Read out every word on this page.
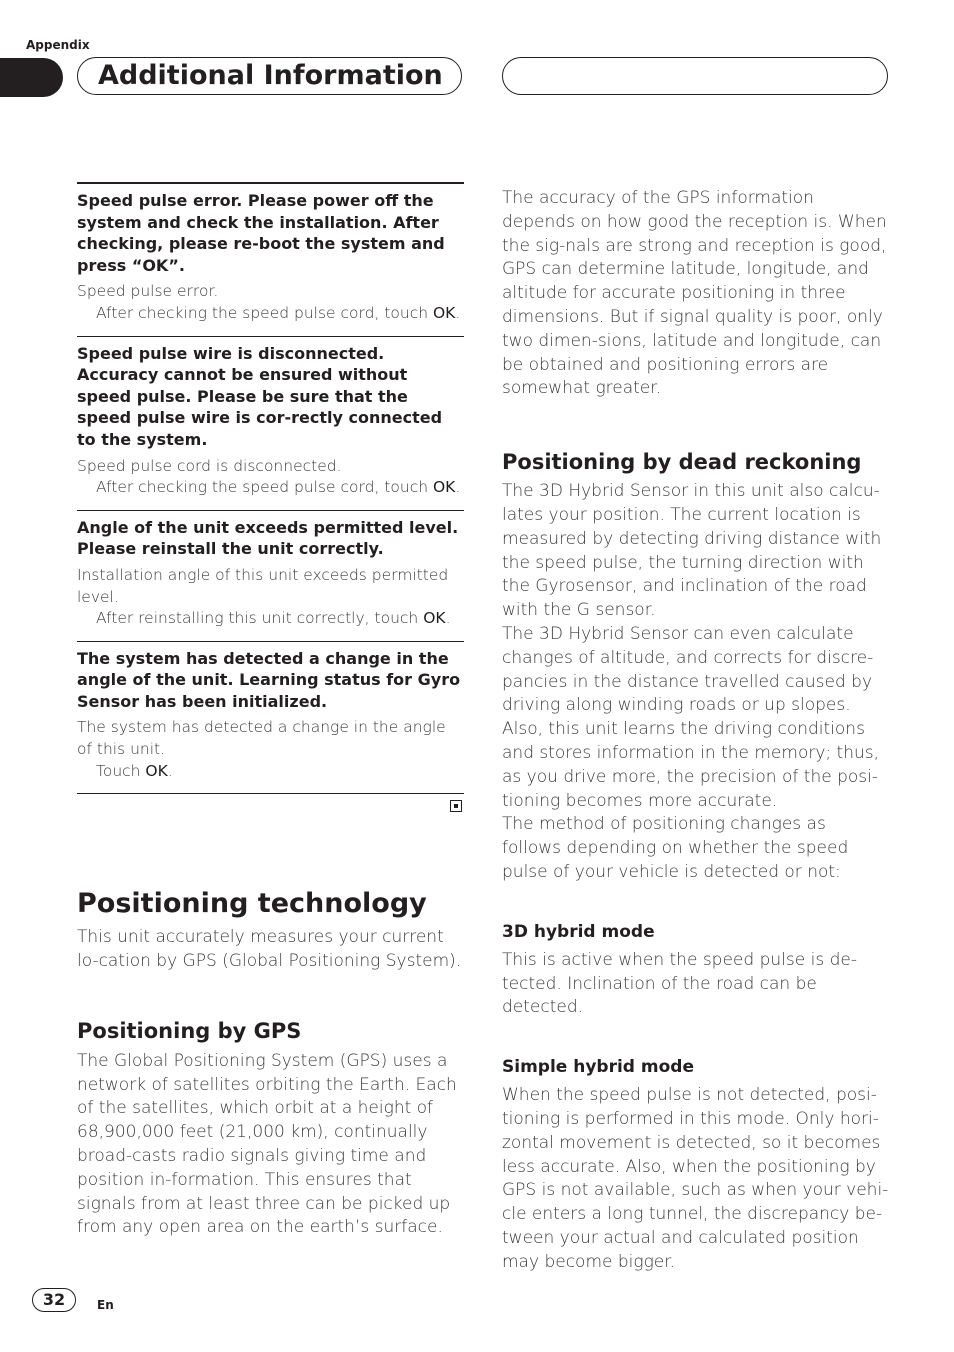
Appendix
Additional Information

Speed pulse error. Please power off the system and check the installation. After checking, please re-boot the system and press “OK”.

Speed pulse error.

After checking the speed pulse cord, touch OK.

Speed pulse wire is disconnected. Accuracy cannot be ensured without speed pulse. Please be sure that the speed pulse wire is cor-rectly connected to the system.

Speed pulse cord is disconnected.

After checking the speed pulse cord, touch OK.

Angle of the unit exceeds permitted level. Please reinstall the unit correctly.

Installation angle of this unit exceeds permitted level.

After reinstalling this unit correctly, touch OK.

The system has detected a change in the angle of the unit. Learning status for Gyro Sensor has been initialized.

The system has detected a change in the angle of this unit.

Touch OK.

Positioning technology

This unit accurately measures your current lo-cation by GPS (Global Positioning System).

Positioning by GPS

The Global Positioning System (GPS) uses a network of satellites orbiting the Earth. Each of the satellites, which orbit at a height of 68,900,000 feet (21,000 km), continually broad-casts radio signals giving time and position in-formation. This ensures that signals from at least three can be picked up from any open area on the earth’s surface.

The accuracy of the GPS information depends on how good the reception is. When the sig-nals are strong and reception is good, GPS can determine latitude, longitude, and altitude for accurate positioning in three dimensions. But if signal quality is poor, only two dimen-sions, latitude and longitude, can be obtained and positioning errors are somewhat greater.

Positioning by dead reckoning

The 3D Hybrid Sensor in this unit also calcu-lates your position. The current location is measured by detecting driving distance with the speed pulse, the turning direction with the Gyrosensor, and inclination of the road with the G sensor.

The 3D Hybrid Sensor can even calculate changes of altitude, and corrects for discre-pancies in the distance travelled caused by driving along winding roads or up slopes. Also, this unit learns the driving conditions and stores information in the memory; thus, as you drive more, the precision of the posi-tioning becomes more accurate.

The method of positioning changes as follows depending on whether the speed pulse of your vehicle is detected or not:

3D hybrid mode

This is active when the speed pulse is de-tected. Inclination of the road can be detected.

Simple hybrid mode

When the speed pulse is not detected, posi-tioning is performed in this mode. Only hori-zontal movement is detected, so it becomes less accurate. Also, when the positioning by GPS is not available, such as when your vehi-cle enters a long tunnel, the discrepancy be-tween your actual and calculated position may become bigger.

32	En
